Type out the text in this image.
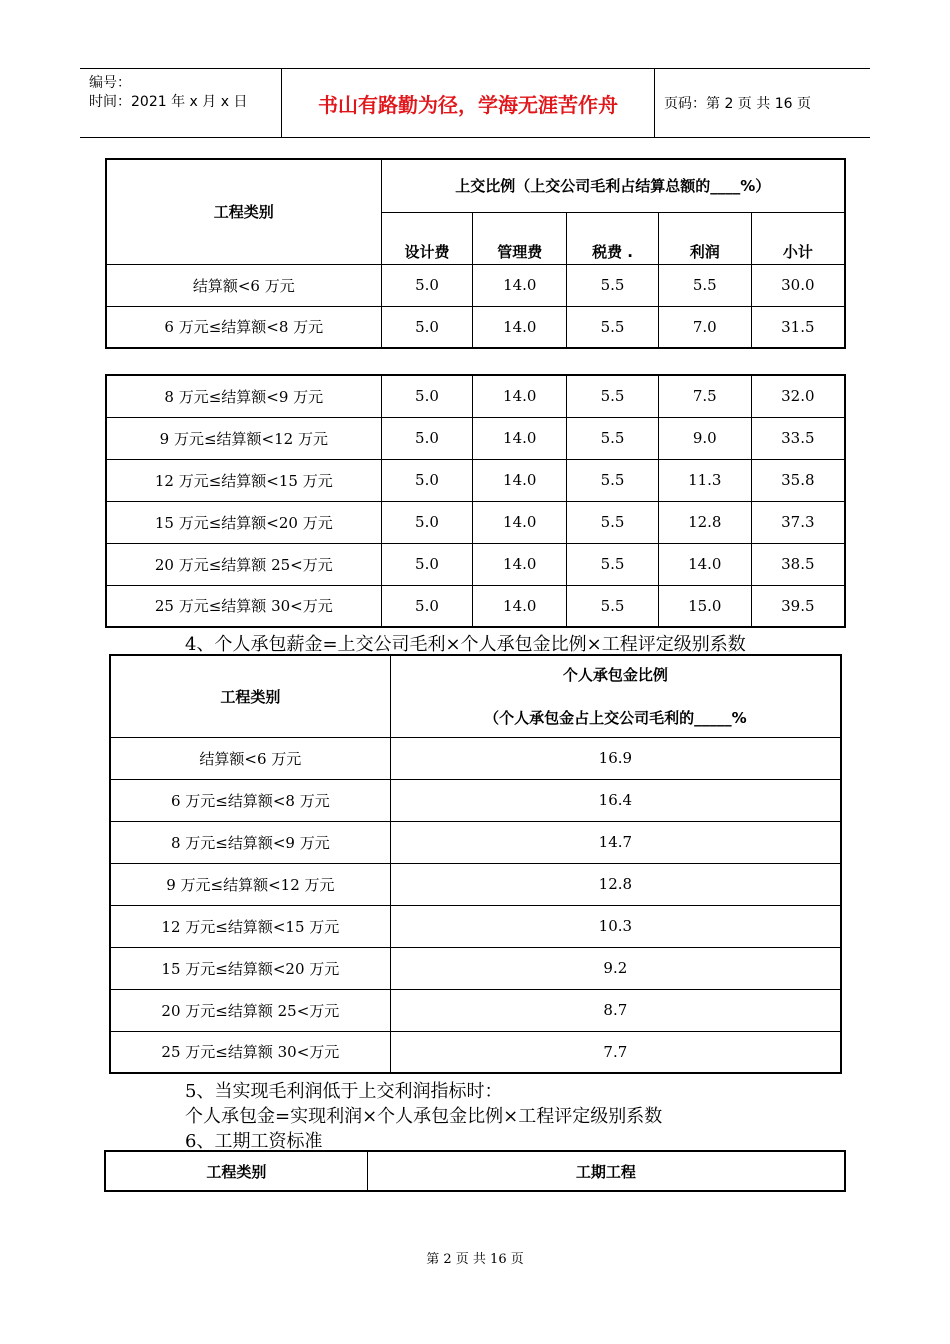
编号：
时间：2021 年 x 月 x 日	书山有路勤为径，学海无涯苦作舟	页码：第 2 页 共 16 页
工程类别	上交比例（上交公司毛利占结算总额的____%）				
	设计费	管理费	税费 .	利润	小计
结算额<6 万元	5.0	14.0	5.5	5.5	30.0
6 万元≤结算额<8 万元	5.0	14.0	5.5	7.0	31.5
8 万元≤结算额<9 万元	5.0	14.0	5.5	7.5	32.0
9 万元≤结算额<12 万元	5.0	14.0	5.5	9.0	33.5
12 万元≤结算额<15 万元	5.0	14.0	5.5	11.3	35.8
15 万元≤结算额<20 万元	5.0	14.0	5.5	12.8	37.3
20 万元≤结算额 25<万元	5.0	14.0	5.5	14.0	38.5
25 万元≤结算额 30<万元	5.0	14.0	5.5	15.0	39.5
4、个人承包薪金=上交公司毛利×个人承包金比例×工程评定级别系数
工程类别	个人承包金比例
（个人承包金占上交公司毛利的_____%

结算额<6 万元	16.9
6 万元≤结算额<8 万元	16.4
8 万元≤结算额<9 万元	14.7
9 万元≤结算额<12 万元	12.8
12 万元≤结算额<15 万元	10.3
15 万元≤结算额<20 万元	9.2
20 万元≤结算额 25<万元	8.7
25 万元≤结算额 30<万元	7.7
5、当实现毛利润低于上交利润指标时：
个人承包金=实现利润×个人承包金比例×工程评定级别系数
6、工期工资标准
工程类别	工期工程
第 2 页 共 16 页
